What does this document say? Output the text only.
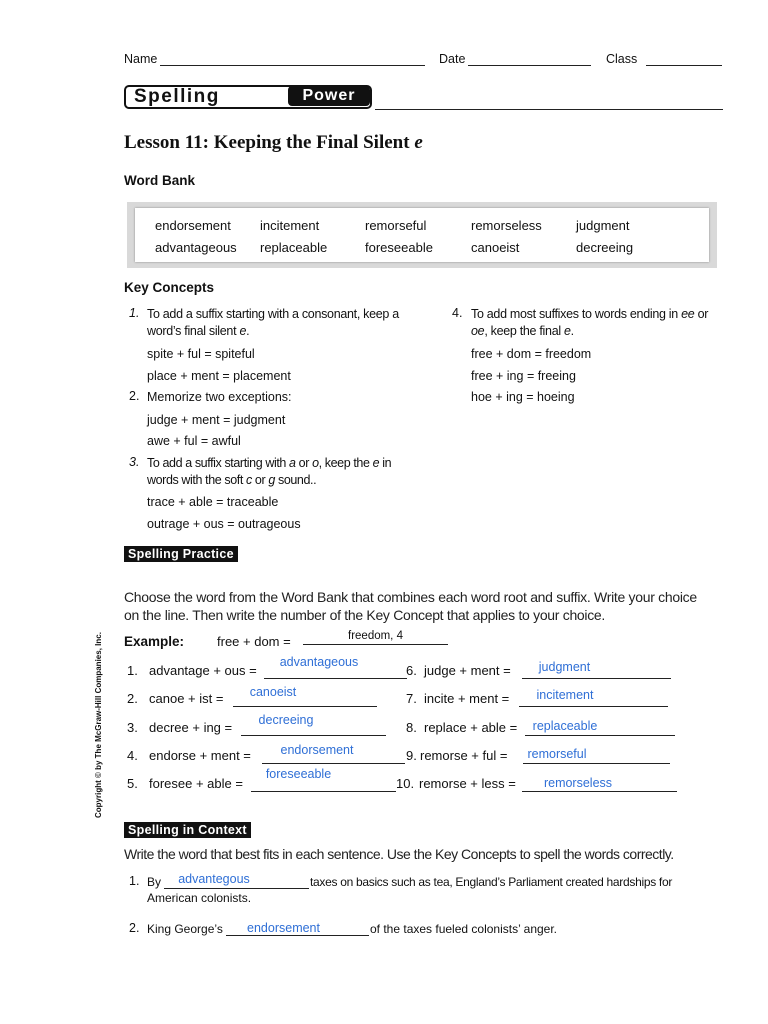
Name	Date	Class
Spelling	Power
Lesson 11: Keeping the Final Silent e
Word Bank
endorsement incitement	remorseful	remorseless	judgment
advantageous replaceable	foreseeable	canoeist	decreeing
Key Concepts
1. To add a suffix starting with a consonant, keep a
word’s final silent e.
spite + ful = spiteful
place + ment = placement
2. Memorize two exceptions:
judge + ment = judgment
awe + ful = awful
3. To add a suffix starting with a or o, keep the e in
words with the soft c or g sound..
trace + able = traceable
outrage + ous = outrageous
4. To add most suffixes to words ending in ee or
oe, keep the final e.
free + dom = freedom
free + ing = freeing
hoe + ing = hoeing
Spelling Practice
Choose the word from the Word Bank that combines each word root and suffix. Write your choice
on the line. Then write the number of the Key Concept that applies to your choice.
Example:	free + dom =	freedom, 4
1. advantage + ous =
advantageous
2. canoe + ist =	canoeist
3. decree + ing =	decreeing
4. endorse + ment =	endorsement
5. foresee + able =
foreseeable
6. judge + ment =	judgment
7. incite + ment =	incitement
8. replace + able =	replaceable
9. remorse + ful =	remorseful
10. remorse + less =	remorseless
Copyright © by The McGraw-Hill Companies, Inc.
Spelling in Context
Write the word that best fits in each sentence. Use the Key Concepts to spell the words correctly.
1. By	advantegous	taxes on basics such as tea, England’s Parliament created hardships for
American colonists.
2. King George’s	endorsement	of the taxes fueled colonists’ anger.
